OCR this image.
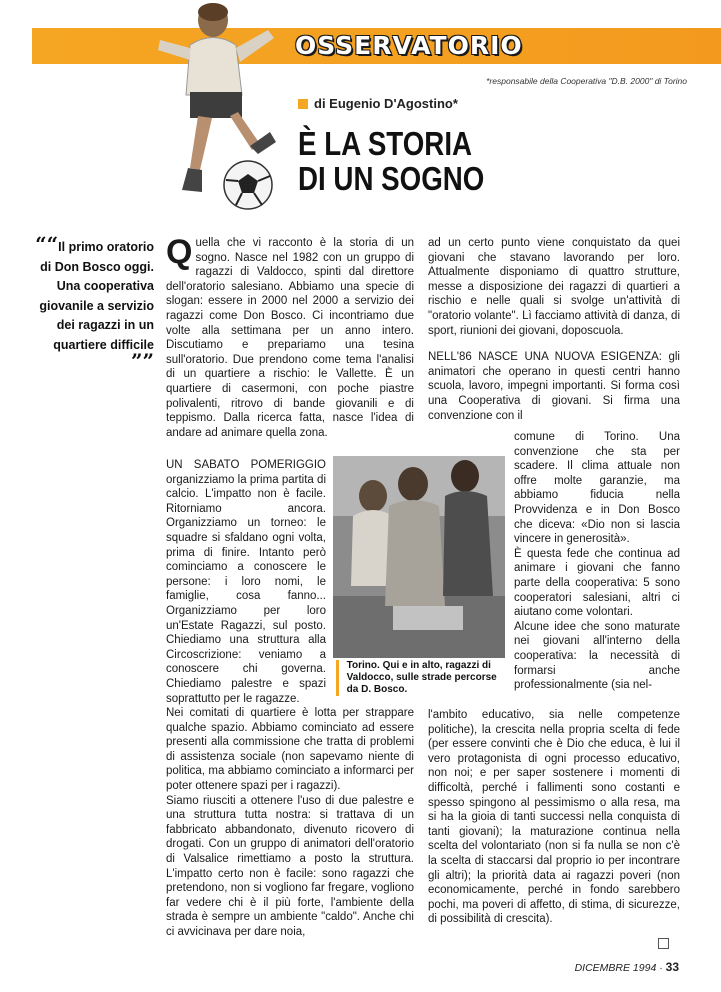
OSSERVATORIO
*responsabile della Cooperativa "D.B. 2000" di Torino
di Eugenio D'Agostino*
È LA STORIA
DI UN SOGNO
““Il primo oratorio di Don Bosco oggi. Una cooperativa giovanile a servizio dei ragazzi in un quartiere difficile ””

Quella che vi racconto è la storia di un sogno. Nasce nel 1982 con un gruppo di ragazzi di Valdocco, spinti dal direttore dell'oratorio salesiano. Abbiamo una specie di slogan: essere in 2000 nel 2000 a servizio dei ragazzi come Don Bosco. Ci incontriamo due volte alla settimana per un anno intero. Discutiamo e prepariamo una tesina sull'oratorio. Due prendono come tema l'analisi di un quartiere a rischio: le Vallette. È un quartiere di casermoni, con poche piastre polivalenti, ritrovo di bande giovanili e di teppismo. Dalla ricerca fatta, nasce l'idea di andare ad animare quella zona.

UN SABATO POMERIGGIO organizziamo la prima partita di calcio. L'impatto non è facile. Ritorniamo ancora. Organizziamo un torneo: le squadre si sfaldano ogni volta, prima di finire. Intanto però cominciamo a conoscere le persone: i loro nomi, le famiglie, cosa fanno... Organizziamo per loro un'Estate Ragazzi, sul posto. Chiediamo una struttura alla Circoscrizione: veniamo a conoscere chi governa. Chiediamo palestre e spazi soprattutto per le ragazze.

Nei comitati di quartiere è lotta per strappare qualche spazio. Abbiamo cominciato ad essere presenti alla commissione che tratta di problemi di assistenza sociale (non sapevamo niente di politica, ma abbiamo cominciato a informarci per poter ottenere spazi per i ragazzi).

Siamo riusciti a ottenere l'uso di due palestre e una struttura tutta nostra: si trattava di un fabbricato abbandonato, divenuto ricovero di drogati. Con un gruppo di animatori dell'oratorio di Valsalice rimettiamo a posto la struttura. L'impatto certo non è facile: sono ragazzi che pretendono, non si vogliono far fregare, vogliono far vedere chi è il più forte, l'ambiente della strada è sempre un ambiente "caldo". Anche chi ci avvicinava per dare noia,

ad un certo punto viene conquistato da quei giovani che stavano lavorando per loro. Attualmente disponiamo di quattro strutture, messe a disposizione dei ragazzi di quartieri a rischio e nelle quali si svolge un'attività di "oratorio volante". Lì facciamo attività di danza, di sport, riunioni dei giovani, doposcuola.

NELL'86 NASCE UNA NUOVA ESIGENZA: gli animatori che operano in questi centri hanno scuola, lavoro, impegni importanti. Si forma così una Cooperativa di giovani. Si firma una convenzione con il

comune di Torino. Una convenzione che sta per scadere. Il clima attuale non offre molte garanzie, ma abbiamo fiducia nella Provvidenza e in Don Bosco che diceva: «Dio non si lascia vincere in generosità».

È questa fede che continua ad animare i giovani che fanno parte della cooperativa: 5 sono cooperatori salesiani, altri ci aiutano come volontari.

Alcune idee che sono maturate nei giovani all'interno della cooperativa: la necessità di formarsi anche professionalmente (sia nel-

l'ambito educativo, sia nelle competenze politiche), la crescita nella propria scelta di fede (per essere convinti che è Dio che educa, è lui il vero protagonista di ogni processo educativo, non noi; e per saper sostenere i momenti di difficoltà, perché i fallimenti sono costanti e spesso spingono al pessimismo o alla resa, ma si ha la gioia di tanti successi nella conquista di tanti giovani); la maturazione continua nella scelta del volontariato (non si fa nulla se non c'è la scelta di staccarsi dal proprio io per incontrare gli altri); la priorità data ai ragazzi poveri (non economicamente, perché in fondo sarebbero pochi, ma poveri di affetto, di stima, di sicurezze, di possibilità di crescita).

Torino. Qui e in alto, ragazzi di Valdocco, sulle strade percorse da D. Bosco.
DICEMBRE 1994 · 33
